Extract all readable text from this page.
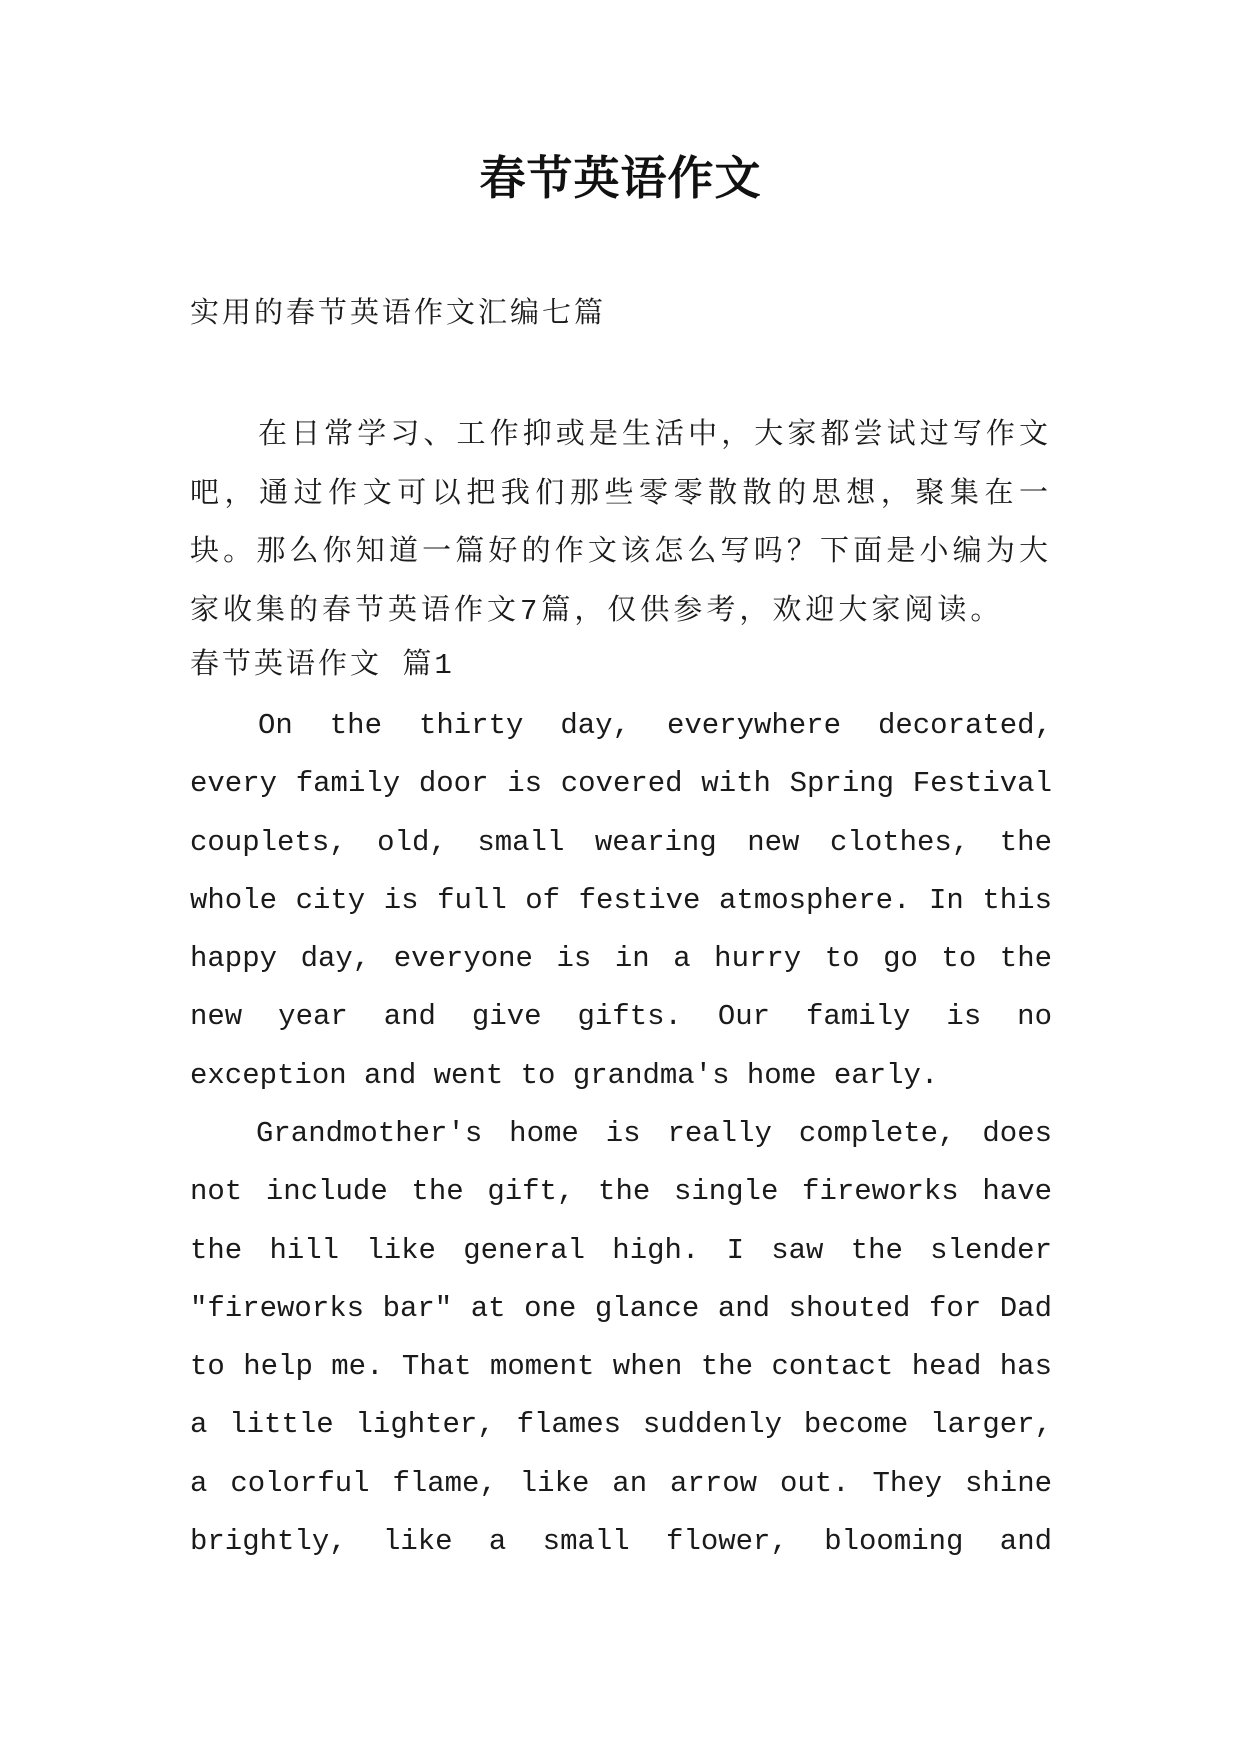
春节英语作文

实用的春节英语作文汇编七篇

在日常学习、工作抑或是生活中，大家都尝试过写作文吧，通过作文可以把我们那些零零散散的思想，聚集在一块。那么你知道一篇好的作文该怎么写吗？下面是小编为大家收集的春节英语作文7篇，仅供参考，欢迎大家阅读。

春节英语作文 篇1

On the thirty day, everywhere decorated, every family door is covered with Spring Festival couplets, old, small wearing new clothes, the whole city is full of festive atmosphere. In this happy day, everyone is in a hurry to go to the new year and give gifts. Our family is no exception and went to grandma's home early.

Grandmother's home is really complete, does not include the gift, the single fireworks have the hill like general high. I saw the slender "fireworks bar" at one glance and shouted for Dad to help me. That moment when the contact head has a little lighter, flames suddenly become larger, a colorful flame, like an arrow out. They shine brightly, like a small flower, blooming and
